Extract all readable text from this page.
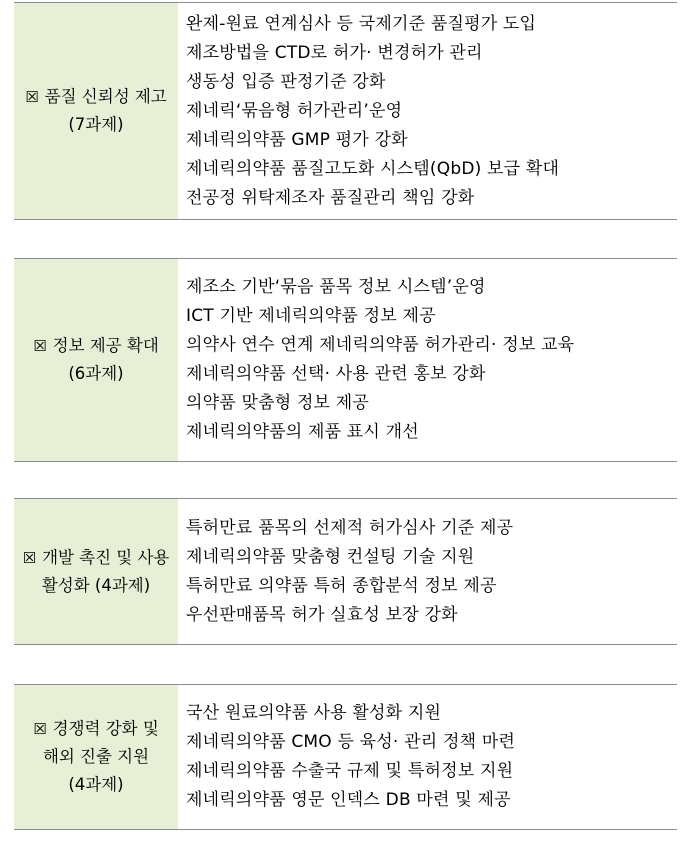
☒ 품질 신뢰성 제고
(7과제)
완제-원료 연계심사 등 국제기준 품질평가 도입
제조방법을 CTD로 허가· 변경허가 관리
생동성 입증 판정기준 강화
제네릭‘묶음형 허가관리’운영
제네릭의약품 GMP 평가 강화
제네릭의약품 품질고도화 시스템(QbD) 보급 확대
전공정 위탁제조자 품질관리 책임 강화
☒ 정보 제공 확대
(6과제)
제조소 기반‘묶음 품목 정보 시스템’운영
ICT 기반 제네릭의약품 정보 제공
의약사 연수 연계 제네릭의약품 허가관리· 정보 교육
제네릭의약품 선택· 사용 관련 홍보 강화
의약품 맞춤형 정보 제공
제네릭의약품의 제품 표시 개선
☒ 개발 촉진 및 사용
활성화 (4과제)
특허만료 품목의 선제적 허가심사 기준 제공
제네릭의약품 맞춤형 컨설팅 기술 지원
특허만료 의약품 특허 종합분석 정보 제공
우선판매품목 허가 실효성 보장 강화
☒ 경쟁력 강화 및
해외 진출 지원
(4과제)
국산 원료의약품 사용 활성화 지원
제네릭의약품 CMO 등 육성· 관리 정책 마련
제네릭의약품 수출국 규제 및 특허정보 지원
제네릭의약품 영문 인덱스 DB 마련 및 제공
